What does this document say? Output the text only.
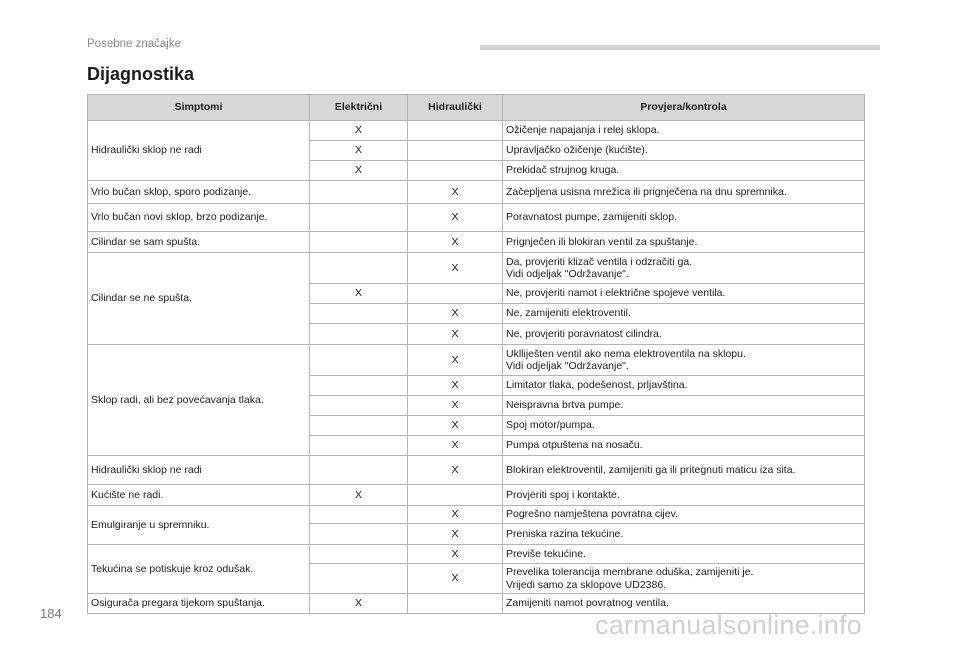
Posebne značajke
Dijagnostika
Simptomi	Električni	Hidraulički	Provjera/kontrola
Hidraulički sklop ne radi	X		Ožičenje napajanja i relej sklopa.

	X		Upravljačko ožičenje (kućište).

	X		Prekidač strujnog kruga.

Vrlo bučan sklop, sporo podizanje.		X	Začepljena usisna mrežica ili prignječena na dnu spremnika.

Vrlo bučan novi sklop, brzo podizanje.		X	Poravnatost pumpe, zamijeniti sklop.

Cilindar se sam spušta.		X	Prignječen ili blokiran ventil za spuštanje.

Cilindar se ne spušta.		X	Da, provjeriti klizač ventila i odzračiti ga.
Vidi odjeljak "Održavanje".

	X		Ne, provjeriti namot i električne spojeve ventila.

		X	Ne, zamijeniti elektroventil.

		X	Ne, provjeriti poravnatost cilindra.

Sklop radi, ali bez povećavanja tlaka.		X	Uklliješten ventil ako nema elektroventila na sklopu.
Vidi odjeljak "Održavanje".

		X	Limitator tlaka, podešenost, prljavština.

		X	Neispravna brtva pumpe.

		X	Spoj motor/pumpa.

		X	Pumpa otpuštena na nosaču.

Hidraulički sklop ne radi		X	Blokiran elektroventil, zamijeniti ga ili pritegnuti maticu iza sita.

Kućište ne radi.	X		Provjeriti spoj i kontakte.

Emulgiranje u spremniku.		X	Pogrešno namještena povratna cijev.

		X	Preniska razina tekućine.

Tekućina se potiskuje kroz odušak.		X	Previše tekućine.

		X	Prevelika tolerancija membrane oduška, zamijeniti je.
Vrijedi samo za sklopove UD2386.

Osigurača pregara tijekom spuštanja.	X		Zamijeniti namot povratnog ventila.
184	carmanualsonline.info
